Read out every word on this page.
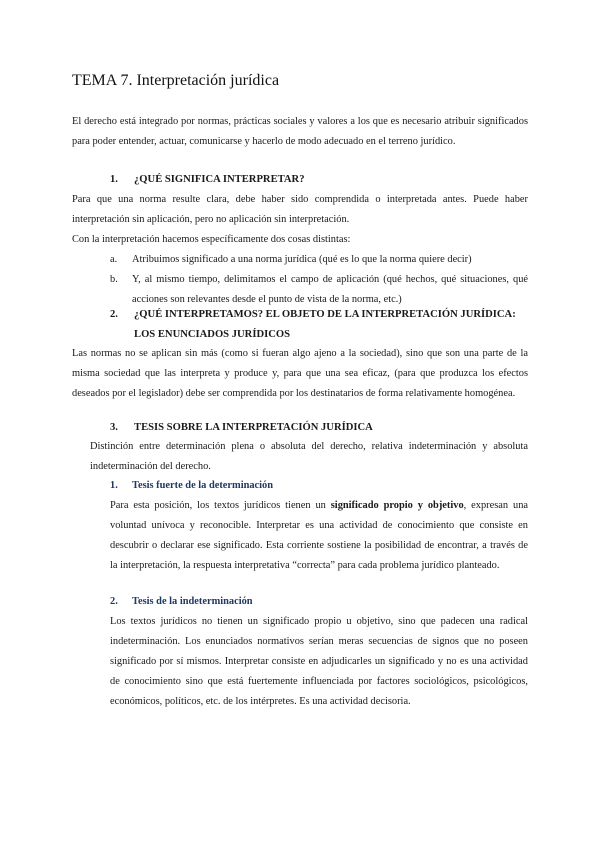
TEMA 7. Interpretación jurídica

El derecho está integrado por normas, prácticas sociales y valores a los que es necesario atribuir significados para poder entender, actuar, comunicarse y hacerlo de modo adecuado en el terreno jurídico.

1. ¿QUÉ SIGNIFICA INTERPRETAR?

Para que una norma resulte clara, debe haber sido comprendida o interpretada antes. Puede haber interpretación sin aplicación, pero no aplicación sin interpretación.

Con la interpretación hacemos específicamente dos cosas distintas:

a. Atribuimos significado a una norma jurídica (qué es lo que la norma quiere decir)
b.	Y, al mismo tiempo, delimitamos el campo de aplicación (qué hechos, qué situaciones, qué acciones son relevantes desde el punto de vista de la norma, etc.)
2. ¿QUÉ INTERPRETAMOS? EL OBJETO DE LA INTERPRETACIÓN JURÍDICA:
LOS ENUNCIADOS JURÍDICOS

Las normas no se aplican sin más (como si fueran algo ajeno a la sociedad), sino que son una parte de la misma sociedad que las interpreta y produce y, para que una sea eficaz, (para que produzca los efectos deseados por el legislador) debe ser comprendida por los destinatarios de forma relativamente homogénea.

3. TESIS SOBRE LA INTERPRETACIÓN JURÍDICA

Distinción entre determinación plena o absoluta del derecho, relativa indeterminación y absoluta indeterminación del derecho.

1. Tesis fuerte de la determinación

Para esta posición, los textos jurídicos tienen un significado propio y objetivo, expresan una voluntad unívoca y reconocible. Interpretar es una actividad de conocimiento que consiste en descubrir o declarar ese significado. Esta corriente sostiene la posibilidad de encontrar, a través de la interpretación, la respuesta interpretativa “correcta” para cada problema jurídico planteado.

2. Tesis de la indeterminación

Los textos jurídicos no tienen un significado propio u objetivo, sino que padecen una radical indeterminación. Los enunciados normativos serían meras secuencias de signos que no poseen significado por sí mismos. Interpretar consiste en adjudicarles un significado y no es una actividad de conocimiento sino que está fuertemente influenciada por factores sociológicos, psicológicos, económicos, políticos, etc. de los intérpretes. Es una actividad decisoria.
